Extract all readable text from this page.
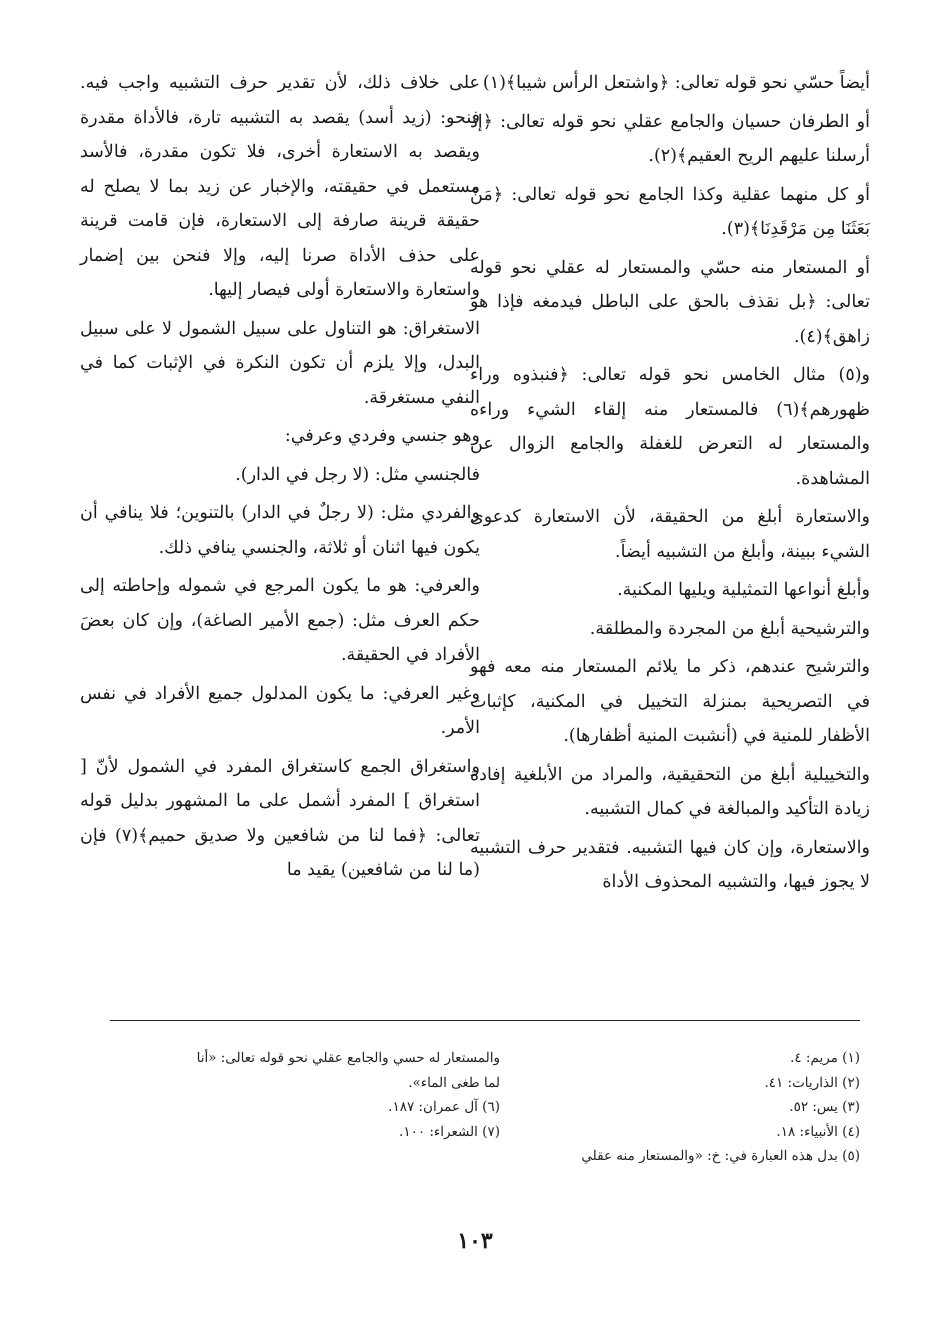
أيضاً حسّي نحو قوله تعالى: ﴿واشتعل الرأس شيبا﴾(١)

أو الطرفان حسيان والجامع عقلي نحو قوله تعالى: ﴿إذ أرسلنا عليهم الريح العقيم﴾(٢).

أو كل منهما عقلية وكذا الجامع نحو قوله تعالى: ﴿مَنْ بَعَثَنَا مِن مَرْقَدِنَا﴾(٣).

أو المستعار منه حسّي والمستعار له عقلي نحو قوله تعالى: ﴿بل نقذف بالحق على الباطل فيدمغه فإذا هو زاهق﴾(٤).

و(٥) مثال الخامس نحو قوله تعالى: ﴿فنبذوه وراء ظهورهم﴾(٦) فالمستعار منه إلقاء الشيء وراءه والمستعار له التعرض للغفلة والجامع الزوال عن المشاهدة.

والاستعارة أبلغ من الحقيقة، لأن الاستعارة كدعوى الشيء ببينة، وأبلغ من التشبيه أيضاً.

وأبلغ أنواعها التمثيلية ويليها المكنية.

والترشيحية أبلغ من المجردة والمطلقة.

والترشيح عندهم، ذكر ما يلائم المستعار منه معه فهو في التصريحية بمنزلة التخييل في المكنية، كإثبات الأظفار للمنية في (أنشبت المنية أظفارها).

والتخييلية أبلغ من التحقيقية، والمراد من الأبلغية إفادة زيادة التأكيد والمبالغة في كمال التشبيه.

والاستعارة، وإن كان فيها التشبيه. فتقدير حرف التشبيه لا يجوز فيها، والتشبيه المحذوف الأداة

على خلاف ذلك، لأن تقدير حرف التشبيه واجب فيه. فنحو: (زيد أسد) يقصد به التشبيه تارة، فالأداة مقدرة ويقصد به الاستعارة أخرى، فلا تكون مقدرة، فالأسد مستعمل في حقيقته، والإخبار عن زيد بما لا يصلح له حقيقة قرينة صارفة إلى الاستعارة، فإن قامت قرينة على حذف الأداة صرنا إليه، وإلا فنحن بين إضمار واستعارة والاستعارة أولى فيصار إليها.

الاستغراق: هو التناول على سبيل الشمول لا على سبيل البدل، وإلا يلزم أن تكون النكرة في الإثبات كما في النفي مستغرقة.

وهو جنسي وفردي وعرفي:

فالجنسي مثل: (لا رجل في الدار).

والفردي مثل: (لا رجلٌ في الدار) بالتنوين؛ فلا ينافي أن يكون فيها اثنان أو ثلاثة، والجنسي ينافي ذلك.

والعرفي: هو ما يكون المرجع في شموله وإحاطته إلى حكم العرف مثل: (جمع الأمير الصاغة)، وإن كان بعضَ الأفراد في الحقيقة.

وغير العرفي: ما يكون المدلول جميع الأفراد في نفس الأمر.

واستغراق الجمع كاستغراق المفرد في الشمول لأنّ [ استغراق ] المفرد أشمل على ما المشهور بدليل قوله تعالى: ﴿فما لنا من شافعين ولا صديق حميم﴾(٧) فإن (ما لنا من شافعين) يقيد ما

(١) مريم: ٤.
(٢) الذاريات: ٤١.
(٣) يس: ٥٢.
(٤) الأنبياء: ١٨.
(٥) بدل هذه العبارة في: خ: «والمستعار منه عقلي
والمستعار له حسي والجامع عقلي نحو قوله تعالى: «أنا
لما طغى الماء».
(٦) آل عمران: ١٨٧.
(٧) الشعراء: ١٠٠.
١٠٣
